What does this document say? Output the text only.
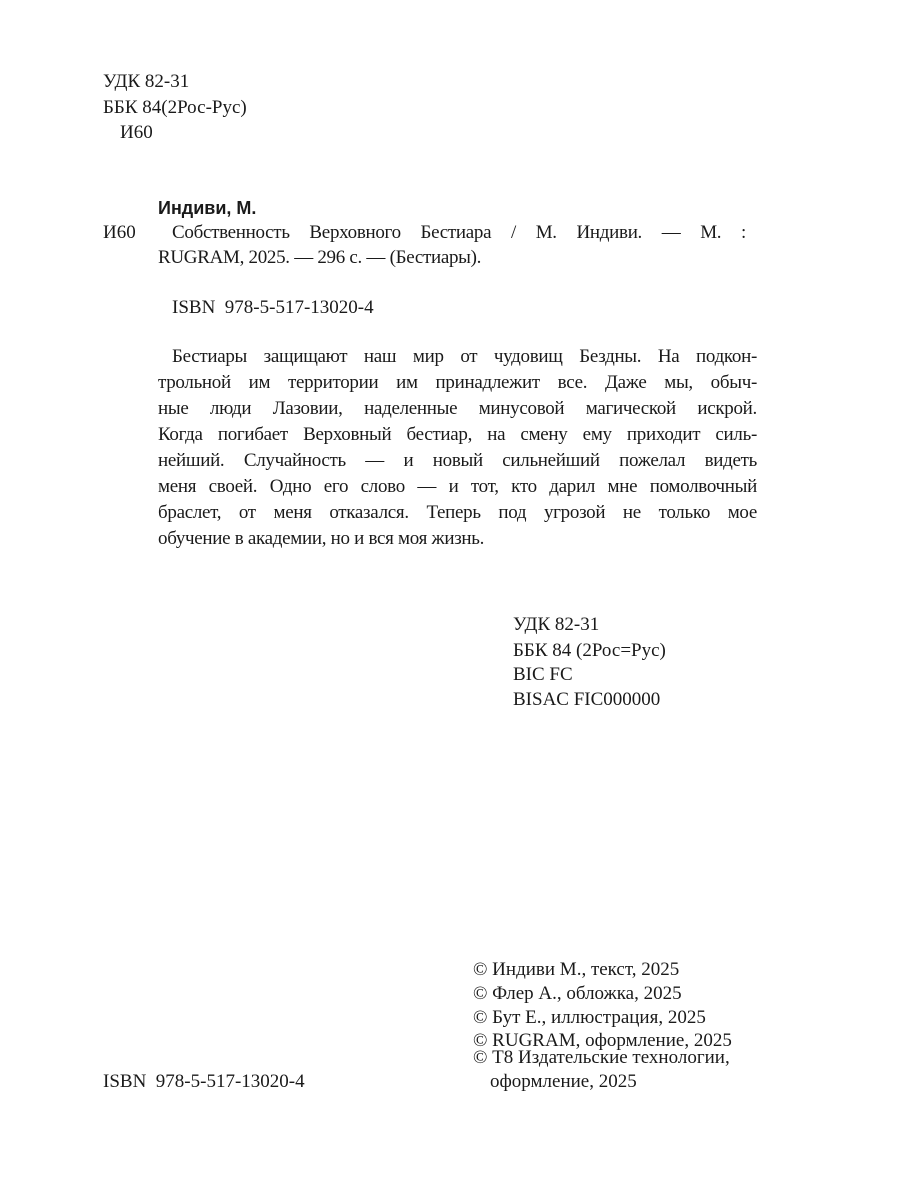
УДК 82-31
ББК 84(2Рос-Рус)
И60
Индиви, М.
И60 Собственность Верховного Бестиара / М. Индиви. — М. :
RUGRAM, 2025. — 296 с. — (Бестиары).
ISBN  978-5-517-13020-4
Бестиары защищают наш мир от чудовищ Бездны. На подкон-
трольной им территории им принадлежит все. Даже мы, обыч-
ные люди Лазовии, наделенные минусовой магической искрой.
Когда погибает Верховный бестиар, на смену ему приходит силь-
нейший. Случайность — и новый сильнейший пожелал видеть
меня своей. Одно его слово — и тот, кто дарил мне помолвочный
браслет, от меня отказался. Теперь под угрозой не только мое
обучение в академии, но и вся моя жизнь.
УДК 82-31
ББК 84 (2Рос=Рус)
BIC FC
BISAC FIC000000
© Индиви М., текст, 2025
© Флер А., обложка, 2025
© Бут Е., иллюстрация, 2025
© RUGRAM, оформление, 2025
© Т8 Издательские технологии,
оформление, 2025
ISBN  978-5-517-13020-4
